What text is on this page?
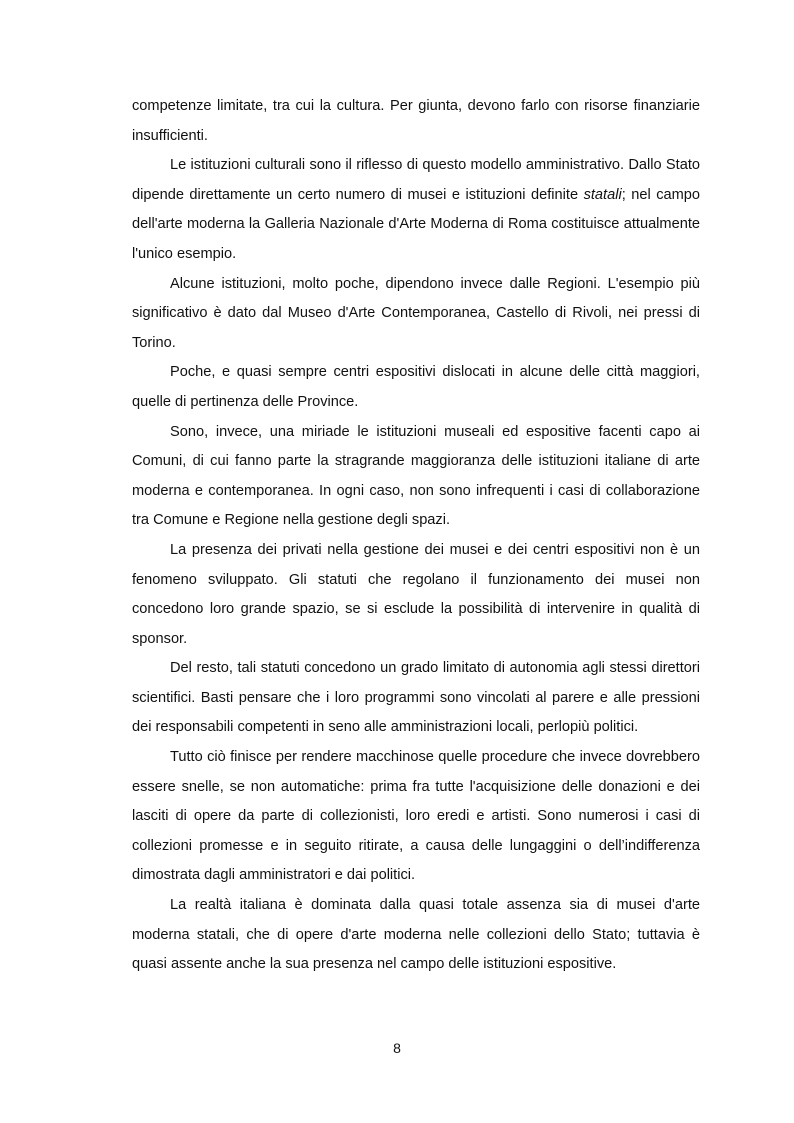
competenze limitate, tra cui la cultura. Per giunta, devono farlo con risorse finanziarie insufficienti.

Le istituzioni culturali sono il riflesso di questo modello amministrativo. Dallo Stato dipende direttamente un certo numero di musei e istituzioni definite statali; nel campo dell'arte moderna la Galleria Nazionale d'Arte Moderna di Roma costituisce attualmente l'unico esempio.

Alcune istituzioni, molto poche, dipendono invece dalle Regioni. L'esempio più significativo è dato dal Museo d'Arte Contemporanea, Castello di Rivoli, nei pressi di Torino.

Poche, e quasi sempre centri espositivi dislocati in alcune delle città maggiori, quelle di pertinenza delle Province.

Sono, invece, una miriade le istituzioni museali ed espositive facenti capo ai Comuni, di cui fanno parte la stragrande maggioranza delle istituzioni italiane di arte moderna e contemporanea. In ogni caso, non sono infrequenti i casi di collaborazione tra Comune e Regione nella gestione degli spazi.

La presenza dei privati nella gestione dei musei e dei centri espositivi non è un fenomeno sviluppato. Gli statuti che regolano il funzionamento dei musei non concedono loro grande spazio, se si esclude la possibilità di intervenire in qualità di sponsor.

Del resto, tali statuti concedono un grado limitato di autonomia agli stessi direttori scientifici. Basti pensare che i loro programmi sono vincolati al parere e alle pressioni dei responsabili competenti in seno alle amministrazioni locali, perlopiù politici.

Tutto ciò finisce per rendere macchinose quelle procedure che invece dovrebbero essere snelle, se non automatiche: prima fra tutte l'acquisizione delle donazioni e dei lasciti di opere da parte di collezionisti, loro eredi e artisti. Sono numerosi i casi di collezioni promesse e in seguito ritirate, a causa delle lungaggini o dell’indifferenza dimostrata dagli amministratori e dai politici.

La realtà italiana è dominata dalla quasi totale assenza sia di musei d'arte moderna statali, che di opere d'arte moderna nelle collezioni dello Stato; tuttavia è quasi assente anche la sua presenza nel campo delle istituzioni espositive.

8
